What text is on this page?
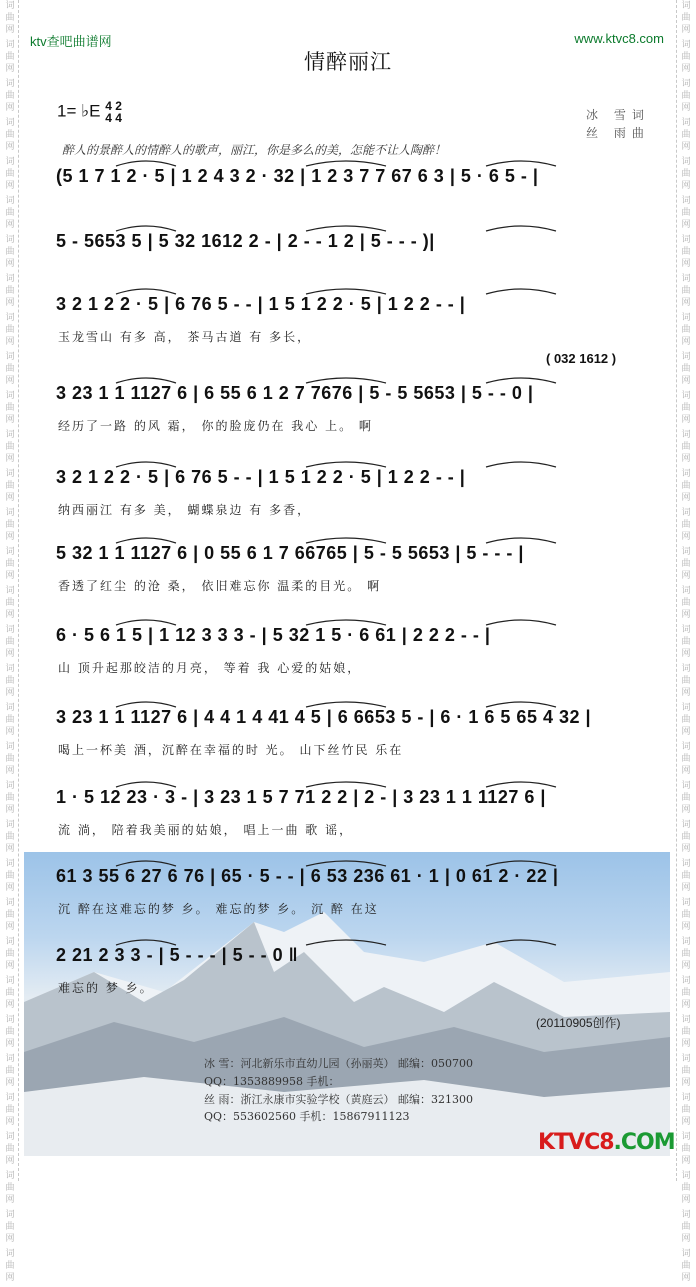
词
曲
网
词
曲
网
词
曲
网
词
曲
网
词
曲
网
词
曲
网
词
曲
网
词
曲
网
词
曲
网
词
曲
网
词
曲
网
词
曲
网
词
曲
网
词
曲
网
词
曲
网
词
曲
网
词
曲
网
词
曲
网
词
曲
网
词
曲
网
词
曲
网
词
曲
网
词
曲
网
词
曲
网
词
曲
网
词
曲
网
词
曲
网
词
曲
网
词
曲
网
词
曲
网
词
曲
网
词
曲
网
词
曲
网
词
曲
网
词
曲
网
词
曲
网
词
曲
网
词
曲
网
词
曲
网
词
曲
网
词
曲
网
词
曲
网
词
曲
网
词
曲
网
词
曲
网
词
曲
网
词
曲
网
词
曲
网
词
曲
网
词
曲
网
词
曲
网
词
曲
网
词
曲
网
词
曲
网
词
曲
网
词
曲
网
词
曲
网
词
曲
网
词
曲
网
词
曲
网
词
曲
网
词
曲
网
词
曲
网
词
曲
网
词
曲
网
词
曲
网
ktv查吧曲谱网	www.ktvc8.com
情醉丽江
1= ♭E 4 2
4 4	冰 雪词
丝 雨曲
醉人的景醉人的情醉人的歌声，丽江，你是多么的美，怎能不让人陶醉！
(5 1 7 1 2 · 5 | 1 2 4 3 2 · 32 | 1 2 3 7 7 67 6 3 | 5 · 6 5 - |
5 - 5653 5 | 5 32 1612 2 - | 2 - - 1 2 | 5 - - - )|
3 2 1 2 2 · 5 | 6 76 5 - - | 1 5 1 2 2 · 5 | 1 2 2 - - |
玉龙雪山 有多 高， 茶马古道 有 多长，
3 23 1 1 1127 6 | 6 55 6 1 2 7 7676 | 5 - 5 5653 | 5 - - 0 |
经历了一路 的风 霜， 你的脸庞仍在 我心 上。 啊
3 2 1 2 2 · 5 | 6 76 5 - - | 1 5 1 2 2 · 5 | 1 2 2 - - |
纳西丽江 有多 美， 蝴蝶泉边 有 多香，
5 32 1 1 1127 6 | 0 55 6 1 7 66765 | 5 - 5 5653 | 5 - - - |
香透了红尘 的沧 桑， 依旧难忘你 温柔的目光。 啊
6 · 5 6 1 5 | 1 12 3 3 3 - | 5 32 1 5 · 6 61 | 2 2 2 - - |
山 顶升起那皎洁的月亮， 等着 我 心爱的姑娘，
3 23 1 1 1127 6 | 4 4 1 4 41 4 5 | 6 6653 5 - | 6 · 1 6 5 65 4 32 |
喝上一杯美 酒，沉醉在幸福的时 光。 山下丝竹民 乐在
1 · 5 12 23 · 3 - | 3 23 1 5 7 71 2 2 | 2 - | 3 23 1 1 1127 6 |
流 淌， 陪着我美丽的姑娘， 唱上一曲 歌 谣，
61 3 55 6 27 6 76 | 65 · 5 - - | 6 53 236 61 · 1 | 0 61 2 · 22 |
沉 醉在这难忘的梦 乡。 难忘的梦 乡。 沉 醉 在这
2 21 2 3 3 - | 5 - - - | 5 - - 0 ‖
难忘的 梦 乡。
( 032 1612 )
(20110905创作)
冰 雪：河北新乐市直幼儿园（孙丽英） 邮编：050700
QQ：1353889958 手机：
丝 雨：浙江永康市实验学校（黄庭云） 邮编：321300
QQ：553602560 手机：15867911123
KTVC8.COM
